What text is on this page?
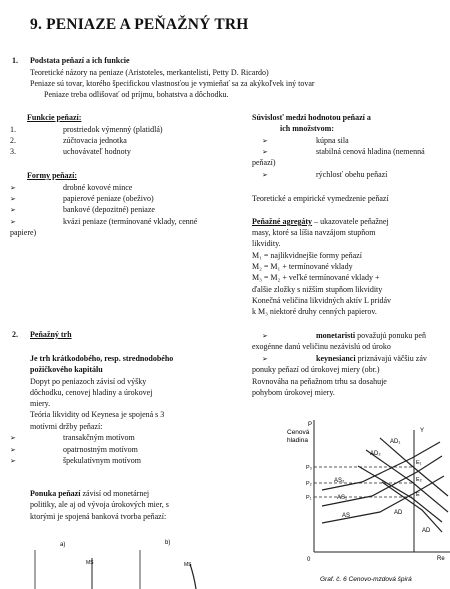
9. PENIAZE A PEŇAŽNÝ TRH
1. Podstata peňazí a ich funkcie
Teoretické názory na peniaze (Aristoteles, merkantelisti, Petty D. Ricardo)
Peniaze sú tovar, ktorého špecifickou vlastnosťou je vymieňať sa za akýkoľvek iný tovar
Peniaze treba odlišovať od príjmu, bohatstva a dôchodku.
Funkcie peňazí:
1.	prostriedok výmenný (platidlá)
2.	zúčtovacia jednotka
3.	uchovávateľ hodnoty
Formy peňazí:
➢	drobné kovové mince
➢	papierové peniaze (obeživo)
➢	bankové (depozitné) peniaze
➢	kvázi peniaze (termínované vklady, cenné
papiere)
Súvislosť medzi hodnotou peňazí a
ich množstvom:
➢	kúpna sila
➢	stabilná cenová hladina (nemenná
peňazí)
➢	rýchlosť obehu peňazí
Teoretické a empirické vymedzenie peňazí
Peňažné agregáty – ukazovatele peňažnej
masy, ktoré sa líšia navzájom stupňom
likvidity.
M₁ = najlikvidnejšie formy peňazí
M₂ = M₁ + termínované vklady
M₃ = M₂ + veľké termínované vklady +
ďalšie zložky s nižším stupňom likvidity
Konečná veličina likvidných aktív L pridáv
k M₃ niektoré druhy cenných papierov.
2. Peňažný trh
Je trh krátkodobého, resp. strednodobého
požičkového kapitálu
Dopyt po peniazoch závisí od výšky
dôchodku, cenovej hladiny a úrokovej
miery.
Teória likvidity od Keynesa je spojená s 3
motívmi držby peňazí:
➢	transakčným motívom
➢	opatrnostným motívom
➢	špekulatívnym motívom
Ponuka peňazí závisí od monetárnej
politiky, ale aj od vývoja úrokových mier, s
ktorými je spojená banková tvorba peňazí:
a)	b)
MS	MS
➢	monetaristi považujú ponuku peň
exogénne danú veličinu nezávislú od úroko
➢	keynesianci priznávajú väčšiu záv
ponuky peňazí od úrokovej miery (obr.)
Rovnováha na peňažnom trhu sa dosahuje
pohybom úrokovej miery.
P
Cenová
hladina
Y
0	Re
P₃
P₂
P₁
AS₂
AS₁
AS
AD₁
AD₂
AD
AD
E₁
E₂
E
Graf. č. 6 Cenovo-mzdová špirá
